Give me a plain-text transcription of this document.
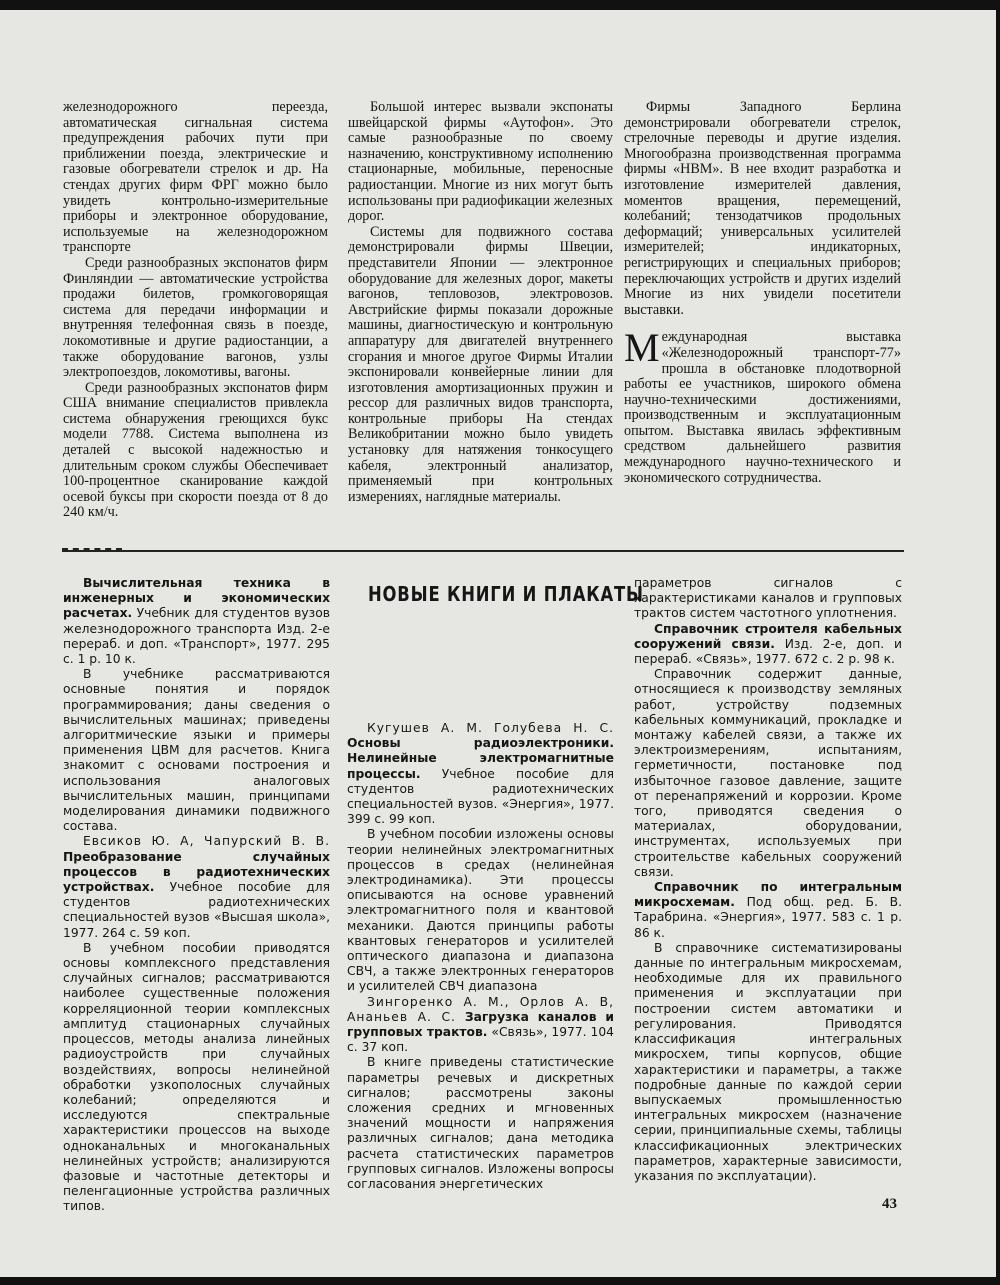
железнодорожного переезда, автоматическая сигнальная система предупреждения рабочих пути при приближении поезда, электрические и газовые обогреватели стрелок и др. На стендах других фирм ФРГ можно было увидеть контрольно-измерительные приборы и электронное оборудование, используемые на железнодорожном транспорте

Среди разнообразных экспонатов фирм Финляндии — автоматические устройства продажи билетов, громкоговорящая система для передачи информации и внутренняя телефонная связь в поезде, локомотивные и другие радиостанции, а также оборудование вагонов, узлы электропоездов, локомотивы, вагоны.

Среди разнообразных экспонатов фирм США внимание специалистов привлекла система обнаружения греющихся букс модели 7788. Система выполнена из деталей с высокой надежностью и длительным сроком службы Обеспечивает 100-процентное сканирование каждой осевой буксы при скорости поезда от 8 до 240 км/ч.

Большой интерес вызвали экспонаты швейцарской фирмы «Аутофон». Это самые разнообразные по своему назначению, конструктивному исполнению стационарные, мобильные, переносные радиостанции. Многие из них могут быть использованы при радиофикации железных дорог.

Системы для подвижного состава демонстрировали фирмы Швеции, представители Японии — электронное оборудование для железных дорог, макеты вагонов, тепловозов, электровозов. Австрийские фирмы показали дорожные машины, диагностическую и контрольную аппаратуру для двигателей внутреннего сгорания и многое другое Фирмы Италии экспонировали конвейерные линии для изготовления амортизационных пружин и рессор для различных видов транспорта, контрольные приборы На стендах Великобритании можно было увидеть установку для натяжения тонкосущего кабеля, электронный анализатор, применяемый при контрольных измерениях, наглядные материалы.

Фирмы Западного Берлина демонстрировали обогреватели стрелок, стрелочные переводы и другие изделия. Многообразна производственная программа фирмы «НВМ». В нее входит разработка и изготовление измерителей давления, моментов вращения, перемещений, колебаний; тензодатчиков продольных деформаций; универсальных усилителей измерителей; индикаторных, регистрирующих и специальных приборов; переключающих устройств и других изделий Многие из них увидели посетители выставки.

Международная выставка «Железнодорожный транспорт-77» прошла в обстановке плодотворной работы ее участников, широкого обмена научно-техническими достижениями, производственным и эксплуатационным опытом. Выставка явилась эффективным средством дальнейшего развития международного научно-технического и экономического сотрудничества.

НОВЫЕ КНИГИ И ПЛАКАТЫ

Вычислительная техника в инженерных и экономических расчетах. Учебник для студентов вузов железнодорожного транспорта Изд. 2-е перераб. и доп. «Транспорт», 1977. 295 с. 1 р. 10 к.

В учебнике рассматриваются основные понятия и порядок программирования; даны сведения о вычислительных машинах; приведены алгоритмические языки и примеры применения ЦВМ для расчетов. Книга знакомит с основами построения и использования аналоговых вычислительных машин, принципами моделирования динамики подвижного состава.

Евсиков Ю. А, Чапурский В. В. Преобразование случайных процессов в радиотехнических устройствах. Учебное пособие для студентов радиотехнических специальностей вузов «Высшая школа», 1977. 264 с. 59 коп.

В учебном пособии приводятся основы комплексного представления случайных сигналов; рассматриваются наиболее существенные положения корреляционной теории комплексных амплитуд стационарных случайных процессов, методы анализа линейных радиоустройств при случайных воздействиях, вопросы нелинейной обработки узкополосных случайных колебаний; определяются и исследуются спектральные характеристики процессов на выходе одноканальных и многоканальных нелинейных устройств; анализируются фазовые и частотные детекторы и пеленгационные устройства различных типов.

Кугушев А. М. Голубева Н. С. Основы радиоэлектроники. Нелинейные электромагнитные процессы. Учебное пособие для студентов радиотехнических специальностей вузов. «Энергия», 1977. 399 с. 99 коп.

В учебном пособии изложены основы теории нелинейных электромагнитных процессов в средах (нелинейная электродинамика). Эти процессы описываются на основе уравнений электромагнитного поля и квантовой механики. Даются принципы работы квантовых генераторов и усилителей оптического диапазона и диапазона СВЧ, а также электронных генераторов и усилителей СВЧ диапазона

Зингоренко А. М., Орлов А. В, Ананьев А. С. Загрузка каналов и групповых трактов. «Связь», 1977. 104 с. 37 коп.

В книге приведены статистические параметры речевых и дискретных сигналов; рассмотрены законы сложения средних и мгновенных значений мощности и напряжения различных сигналов; дана методика расчета статистических параметров групповых сигналов. Изложены вопросы согласования энергетических

параметров сигналов с характеристиками каналов и групповых трактов систем частотного уплотнения.

Справочник строителя кабельных сооружений связи. Изд. 2-е, доп. и перераб. «Связь», 1977. 672 с. 2 р. 98 к.

Справочник содержит данные, относящиеся к производству земляных работ, устройству подземных кабельных коммуникаций, прокладке и монтажу кабелей связи, а также их электроизмерениям, испытаниям, герметичности, постановке под избыточное газовое давление, защите от перенапряжений и коррозии. Кроме того, приводятся сведения о материалах, оборудовании, инструментах, используемых при строительстве кабельных сооружений связи.

Справочник по интегральным микросхемам. Под общ. ред. Б. В. Тарабрина. «Энергия», 1977. 583 с. 1 р. 86 к.

В справочнике систематизированы данные по интегральным микросхемам, необходимые для их правильного применения и эксплуатации при построении систем автоматики и регулирования. Приводятся классификация интегральных микросхем, типы корпусов, общие характеристики и параметры, а также подробные данные по каждой серии выпускаемых промышленностью интегральных микросхем (назначение серии, принципиальные схемы, таблицы классификационных электрических параметров, характерные зависимости, указания по эксплуатации).

43
